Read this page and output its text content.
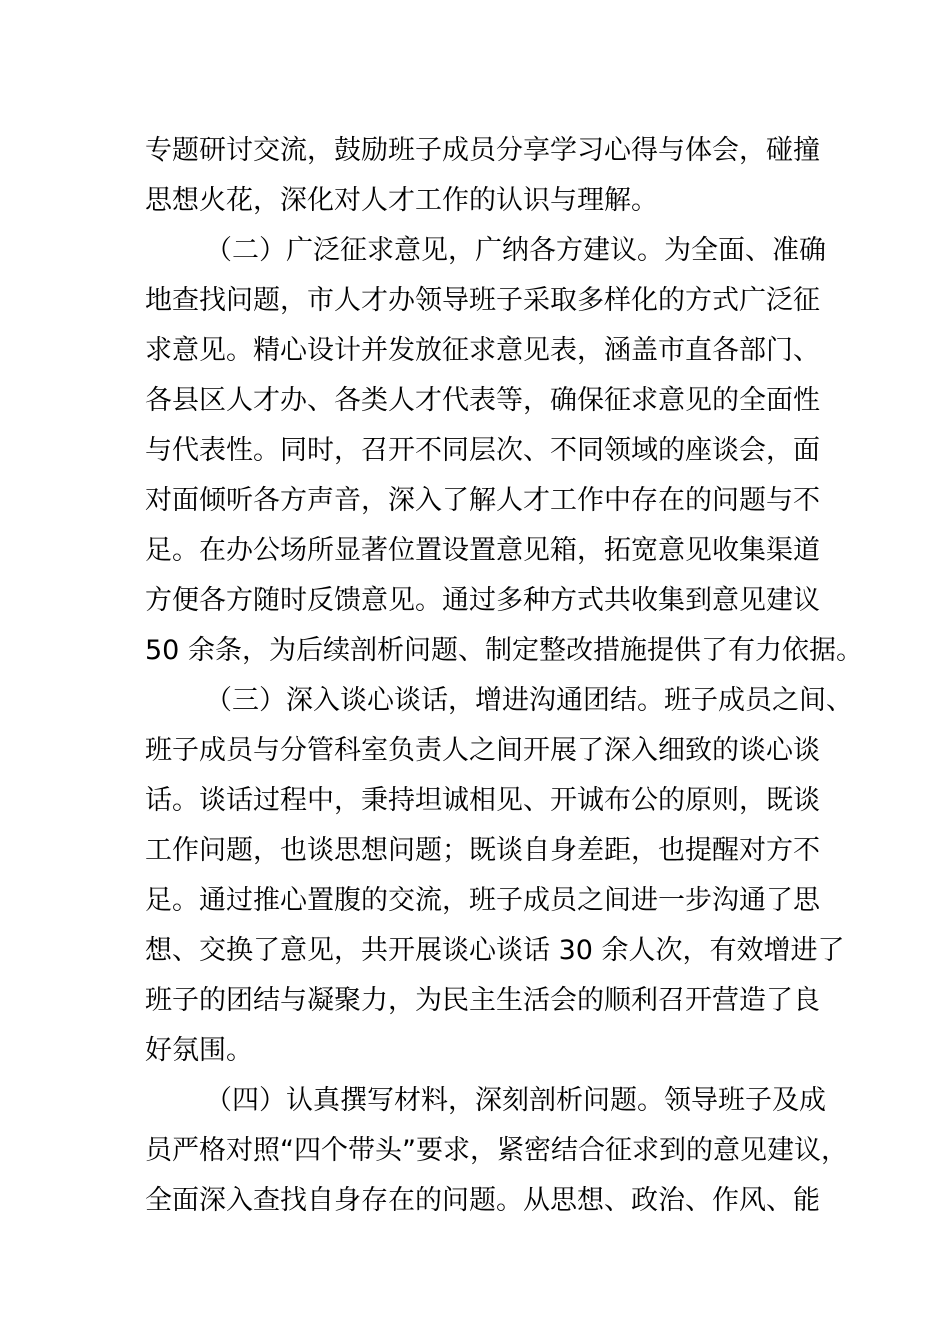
专题研讨交流，鼓励班子成员分享学习心得与体会，碰撞

思想火花，深化对人才工作的认识与理解。

（二）广泛征求意见，广纳各方建议。为全面、准确

地查找问题，市人才办领导班子采取多样化的方式广泛征

求意见。精心设计并发放征求意见表，涵盖市直各部门、

各县区人才办、各类人才代表等，确保征求意见的全面性

与代表性。同时，召开不同层次、不同领域的座谈会，面

对面倾听各方声音，深入了解人才工作中存在的问题与不

足。在办公场所显著位置设置意见箱，拓宽意见收集渠道

方便各方随时反馈意见。通过多种方式共收集到意见建议

50 余条，为后续剖析问题、制定整改措施提供了有力依据。

（三）深入谈心谈话，增进沟通团结。班子成员之间、

班子成员与分管科室负责人之间开展了深入细致的谈心谈

话。谈话过程中，秉持坦诚相见、开诚布公的原则，既谈

工作问题，也谈思想问题；既谈自身差距，也提醒对方不

足。通过推心置腹的交流，班子成员之间进一步沟通了思

想、交换了意见，共开展谈心谈话 30 余人次，有效增进了

班子的团结与凝聚力，为民主生活会的顺利召开营造了良

好氛围。

（四）认真撰写材料，深刻剖析问题。领导班子及成

员严格对照“四个带头”要求，紧密结合征求到的意见建议，

全面深入查找自身存在的问题。从思想、政治、作风、能
